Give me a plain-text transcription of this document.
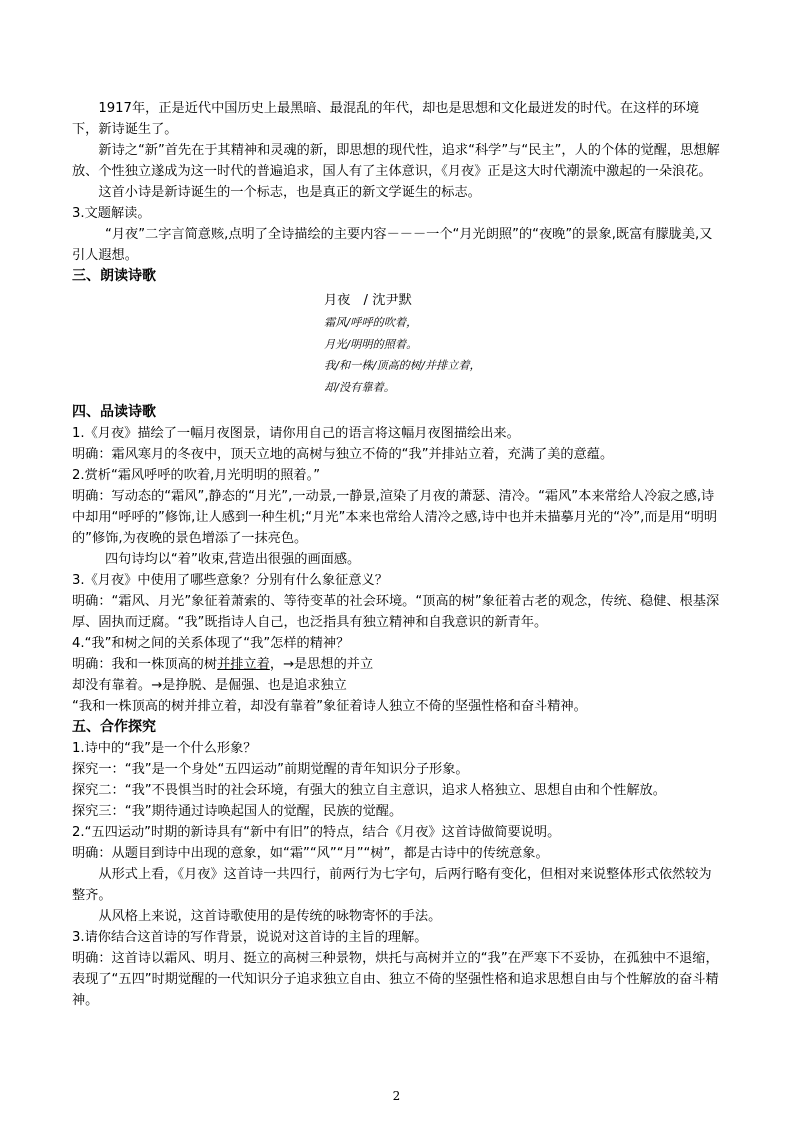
1917年，正是近代中国历史上最黑暗、最混乱的年代，却也是思想和文化最迸发的时代。在这样的环境下，新诗诞生了。

新诗之“新”首先在于其精神和灵魂的新，即思想的现代性，追求“科学”与“民主”，人的个体的觉醒，思想解放、个性独立遂成为这一时代的普遍追求，国人有了主体意识，《月夜》正是这大时代潮流中激起的一朵浪花。

这首小诗是新诗诞生的一个标志，也是真正的新文学诞生的标志。

3.文题解读。

“月夜”二字言简意赅,点明了全诗描绘的主要内容－－－一个“月光朗照”的“夜晚”的景象,既富有朦胧美,又引人遐想。

三、朗读诗歌

月夜　/ 沈尹默
霜风/呼呼的吹着，
月光/明明的照着。
我/和一株/顶高的树/并排立着，
却/没有靠着。

四、品读诗歌

1.《月夜》描绘了一幅月夜图景，请你用自己的语言将这幅月夜图描绘出来。

明确：霜风寒月的冬夜中，顶天立地的高树与独立不倚的“我”并排站立着，充满了美的意蕴。

2.赏析“霜风呼呼的吹着,月光明明的照着。”

明确：写动态的“霜风”,静态的“月光”,一动景,一静景,渲染了月夜的萧瑟、清冷。“霜风”本来常给人冷寂之感,诗中却用“呼呼的”修饰,让人感到一种生机;“月光”本来也常给人清冷之感,诗中也并未描摹月光的“冷”,而是用“明明的”修饰,为夜晚的景色增添了一抹亮色。

四句诗均以“着”收束,营造出很强的画面感。

3.《月夜》中使用了哪些意象？分别有什么象征意义？

明确：“霜风、月光”象征着萧索的、等待变革的社会环境。“顶高的树”象征着古老的观念，传统、稳健、根基深厚、固执而迂腐。“我”既指诗人自己，也泛指具有独立精神和自我意识的新青年。

4.“我”和树之间的关系体现了“我”怎样的精神？

明确：我和一株顶高的树并排立着，→是思想的并立

却没有靠着。→是挣脱、是倔强、也是追求独立

“我和一株顶高的树并排立着，却没有靠着”象征着诗人独立不倚的坚强性格和奋斗精神。

五、合作探究

1.诗中的“我”是一个什么形象？

探究一：“我”是一个身处“五四运动”前期觉醒的青年知识分子形象。

探究二：“我”不畏惧当时的社会环境，有强大的独立自主意识，追求人格独立、思想自由和个性解放。

探究三：“我”期待通过诗唤起国人的觉醒，民族的觉醒。

2.“五四运动”时期的新诗具有“新中有旧”的特点，结合《月夜》这首诗做简要说明。

明确：从题目到诗中出现的意象，如“霜”“风”“月”“树”，都是古诗中的传统意象。

从形式上看，《月夜》这首诗一共四行，前两行为七字句，后两行略有变化，但相对来说整体形式依然较为整齐。

从风格上来说，这首诗歌使用的是传统的咏物寄怀的手法。

3.请你结合这首诗的写作背景，说说对这首诗的主旨的理解。

明确：这首诗以霜风、明月、挺立的高树三种景物，烘托与高树并立的“我”在严寒下不妥协，在孤独中不退缩，表现了“五四”时期觉醒的一代知识分子追求独立自由、独立不倚的坚强性格和追求思想自由与个性解放的奋斗精神。

2
